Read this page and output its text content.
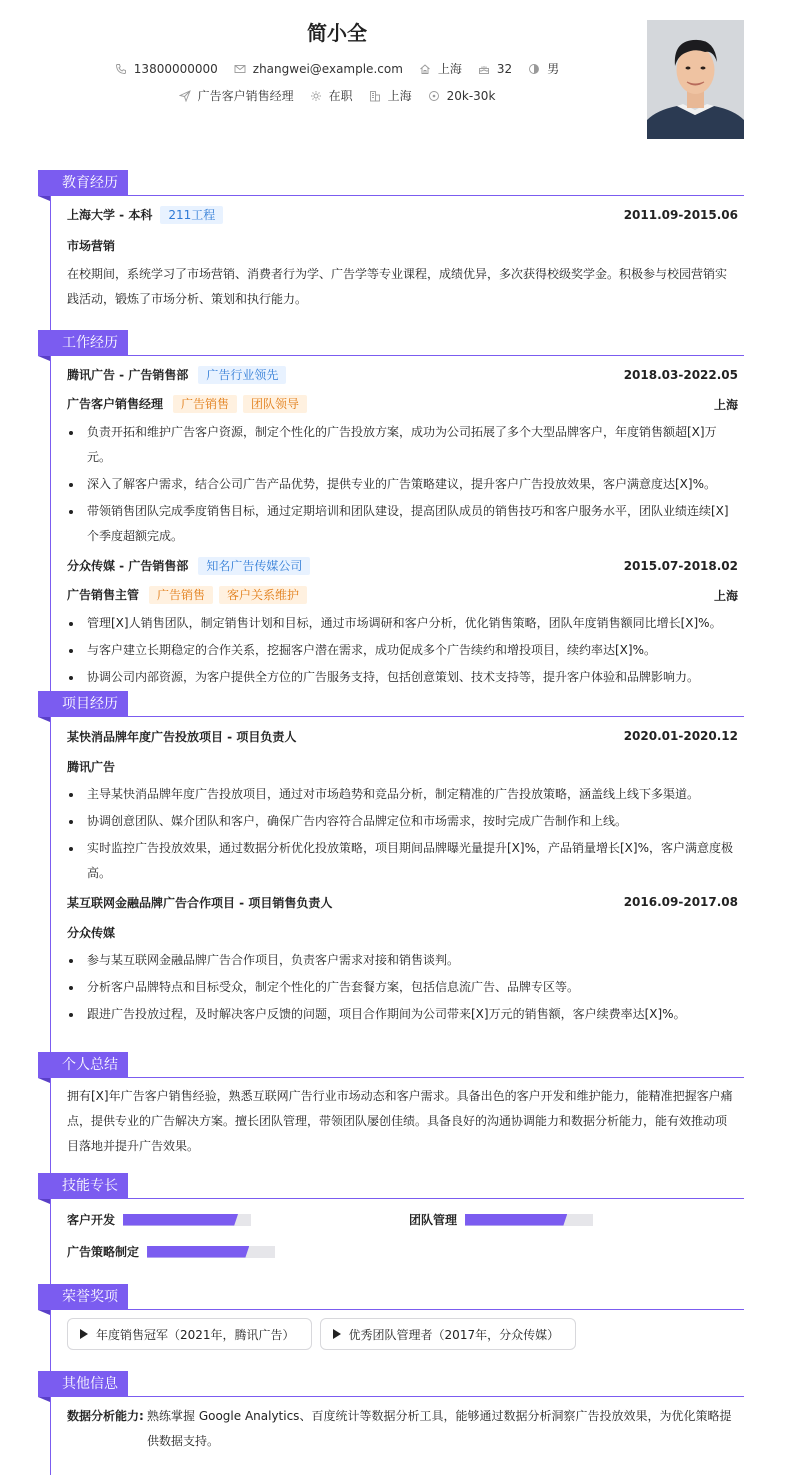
简小全
13800000000	zhangwei@example.com	上海	32	男
广告客户销售经理	在职	上海	20k-30k
教育经历
上海大学 - 本科 211工程	2011.09-2015.06
市场营销
在校期间，系统学习了市场营销、消费者行为学、广告学等专业课程，成绩优异，多次获得校级奖学金。积极参与校园营销实践活动，锻炼了市场分析、策划和执行能力。
工作经历
腾讯广告 - 广告销售部 广告行业领先	2018.03-2022.05
广告客户销售经理 广告销售 团队领导	上海
负责开拓和维护广告客户资源，制定个性化的广告投放方案，成功为公司拓展了多个大型品牌客户，年度销售额超[X]万元。
深入了解客户需求，结合公司广告产品优势，提供专业的广告策略建议，提升客户广告投放效果，客户满意度达[X]%。
带领销售团队完成季度销售目标，通过定期培训和团队建设，提高团队成员的销售技巧和客户服务水平，团队业绩连续[X]个季度超额完成。
分众传媒 - 广告销售部 知名广告传媒公司	2015.07-2018.02
广告销售主管 广告销售 客户关系维护	上海
管理[X]人销售团队，制定销售计划和目标，通过市场调研和客户分析，优化销售策略，团队年度销售额同比增长[X]%。
与客户建立长期稳定的合作关系，挖掘客户潜在需求，成功促成多个广告续约和增投项目，续约率达[X]%。
协调公司内部资源，为客户提供全方位的广告服务支持，包括创意策划、技术支持等，提升客户体验和品牌影响力。
项目经历
某快消品牌年度广告投放项目 - 项目负责人	2020.01-2020.12
腾讯广告
主导某快消品牌年度广告投放项目，通过对市场趋势和竞品分析，制定精准的广告投放策略，涵盖线上线下多渠道。
协调创意团队、媒介团队和客户，确保广告内容符合品牌定位和市场需求，按时完成广告制作和上线。
实时监控广告投放效果，通过数据分析优化投放策略，项目期间品牌曝光量提升[X]%，产品销量增长[X]%，客户满意度极高。
某互联网金融品牌广告合作项目 - 项目销售负责人	2016.09-2017.08
分众传媒
参与某互联网金融品牌广告合作项目，负责客户需求对接和销售谈判。
分析客户品牌特点和目标受众，制定个性化的广告套餐方案，包括信息流广告、品牌专区等。
跟进广告投放过程，及时解决客户反馈的问题，项目合作期间为公司带来[X]万元的销售额，客户续费率达[X]%。
个人总结
拥有[X]年广告客户销售经验，熟悉互联网广告行业市场动态和客户需求。具备出色的客户开发和维护能力，能精准把握客户痛点，提供专业的广告解决方案。擅长团队管理，带领团队屡创佳绩。具备良好的沟通协调能力和数据分析能力，能有效推动项目落地并提升广告效果。
技能专长
客户开发	团队管理
广告策略制定
荣誉奖项
年度销售冠军（2021年，腾讯广告）	优秀团队管理者（2017年，分众传媒）
其他信息
数据分析能力: 熟练掌握 Google Analytics、百度统计等数据分析工具，能够通过数据分析洞察广告投放效果，为优化策略提供数据支持。
